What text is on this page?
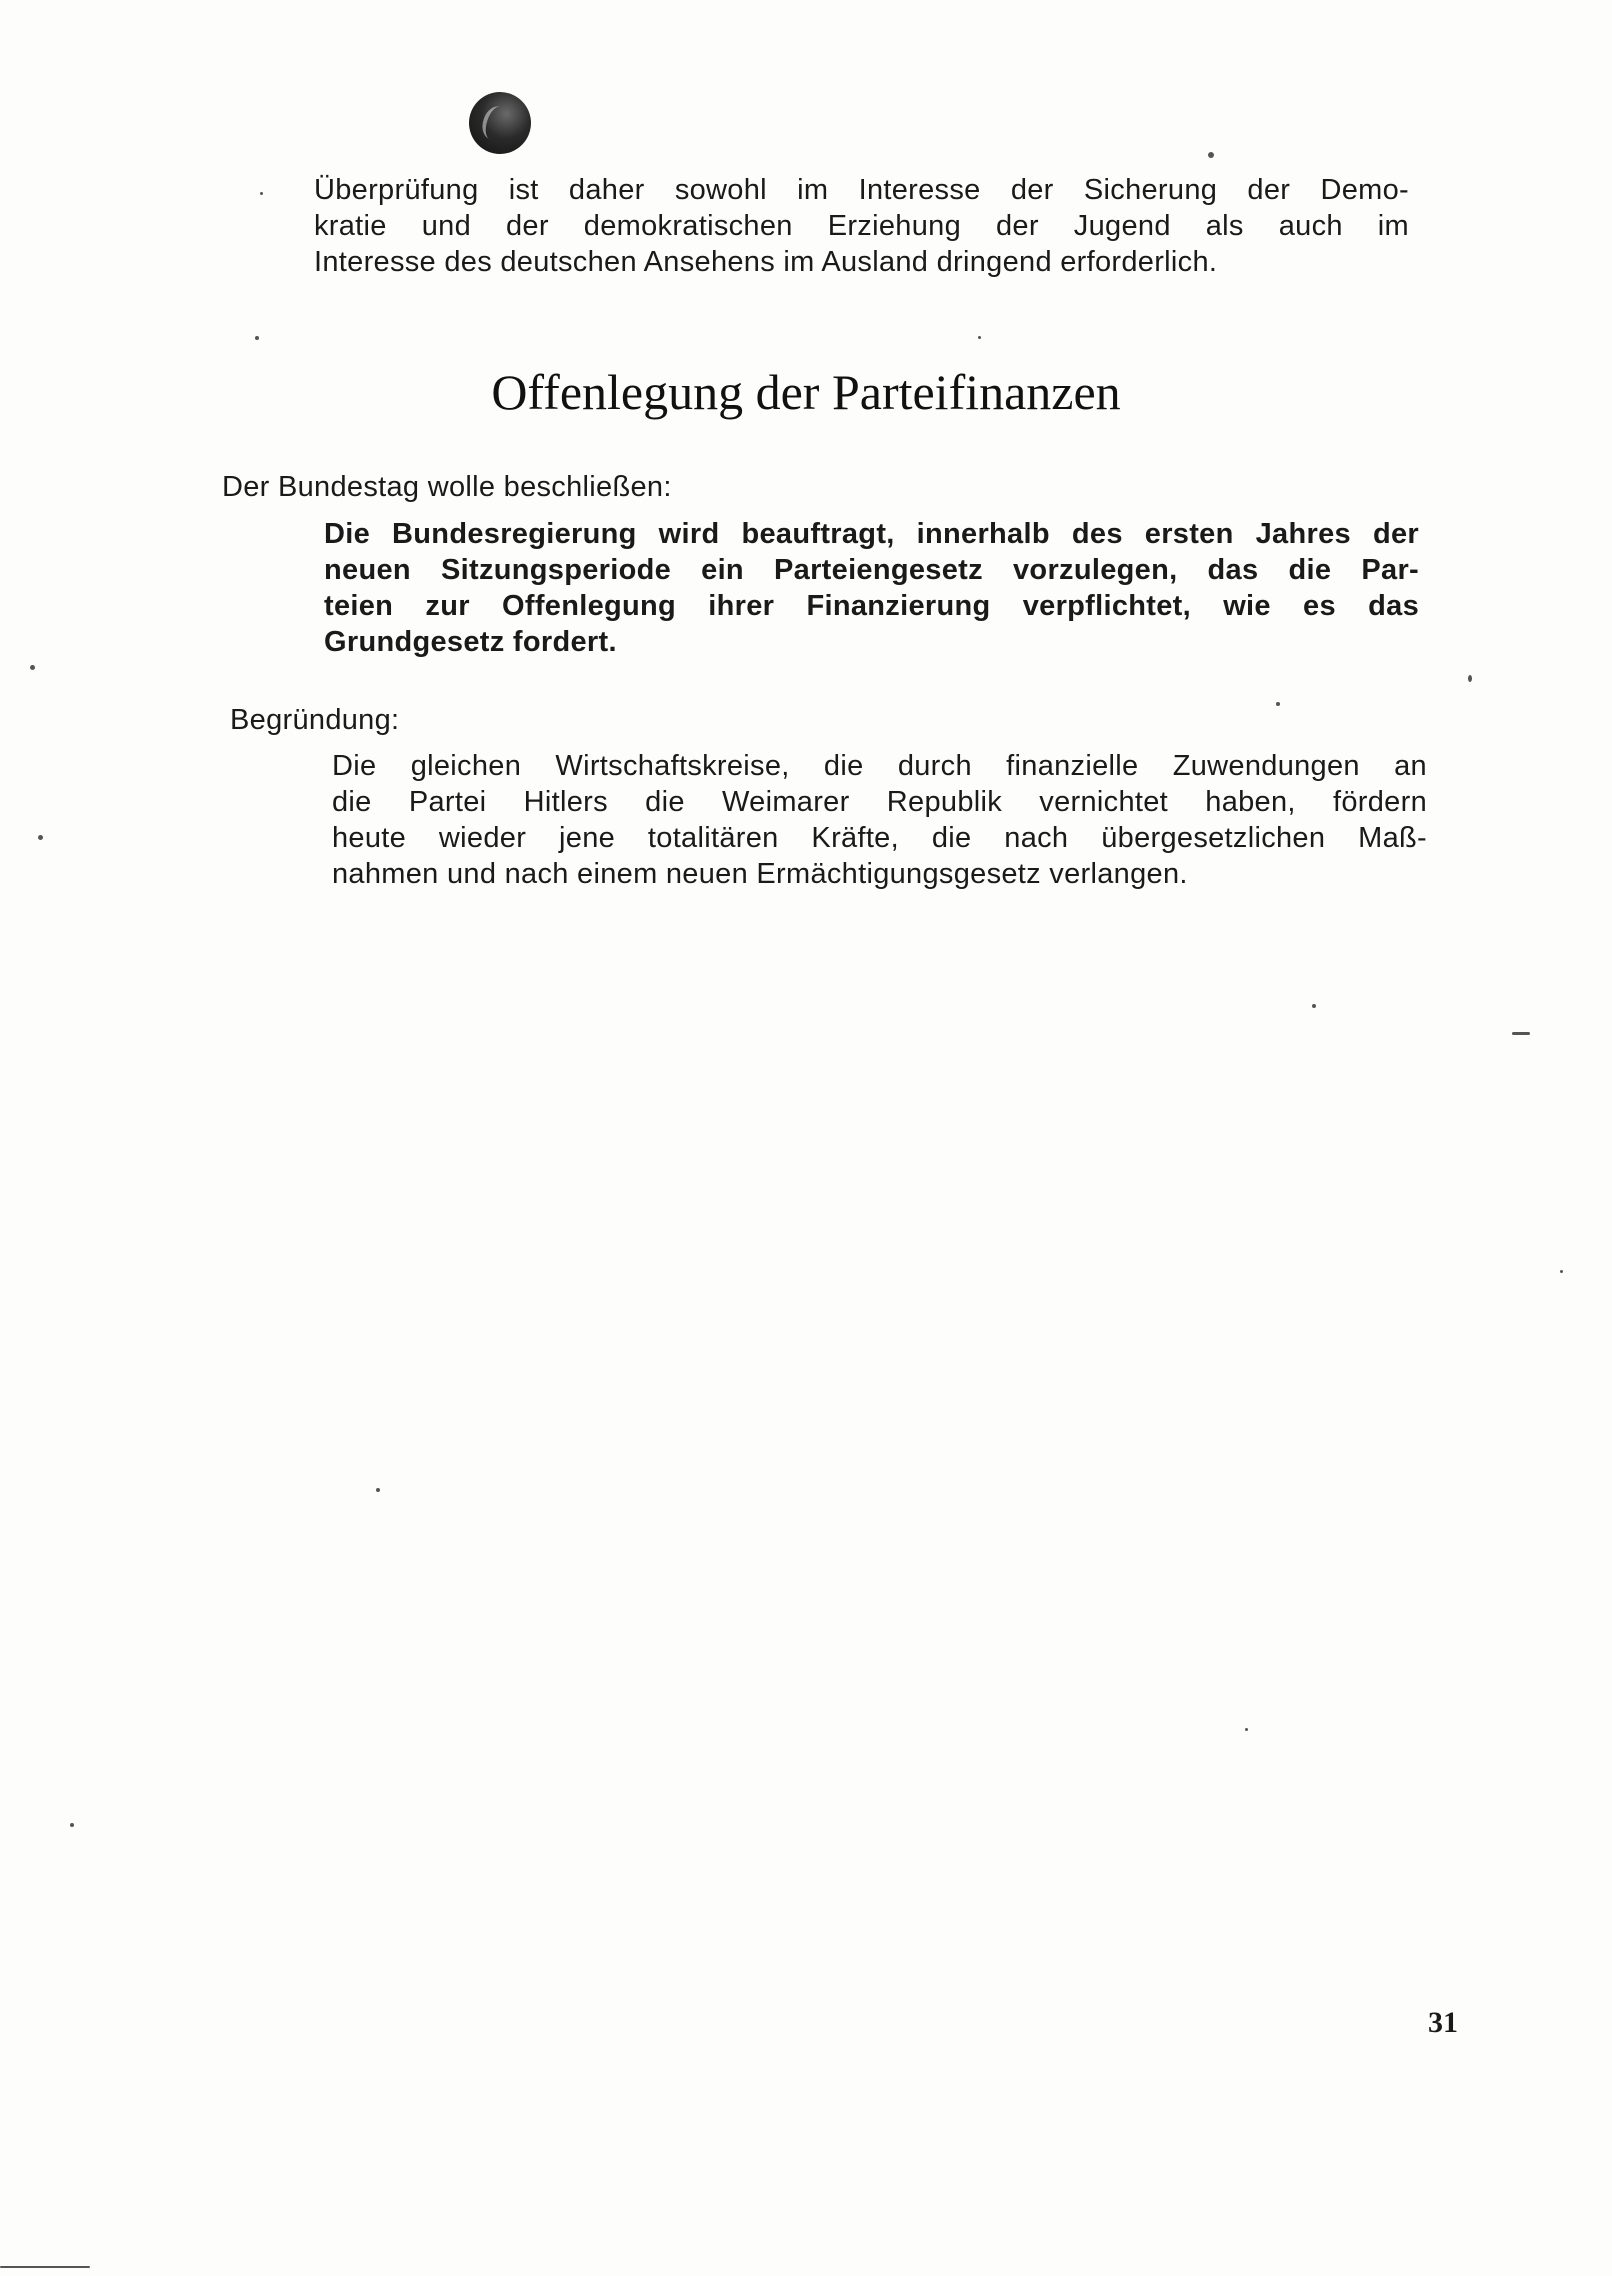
Überprüfung ist daher sowohl im Interesse der Sicherung der Demo-

kratie und der demokratischen Erziehung der Jugend als auch im

Interesse des deutschen Ansehens im Ausland dringend erforderlich.

Offenlegung der Parteifinanzen

Der Bundestag wolle beschließen:

Die Bundesregierung wird beauftragt, innerhalb des ersten Jahres der

neuen Sitzungsperiode ein Parteiengesetz vorzulegen, das die Par-

teien zur Offenlegung ihrer Finanzierung verpflichtet, wie es das

Grundgesetz fordert.

Begründung:

Die gleichen Wirtschaftskreise, die durch finanzielle Zuwendungen an

die Partei Hitlers die Weimarer Republik vernichtet haben, fördern

heute wieder jene totalitären Kräfte, die nach übergesetzlichen Maß-

nahmen und nach einem neuen Ermächtigungsgesetz verlangen.

31
